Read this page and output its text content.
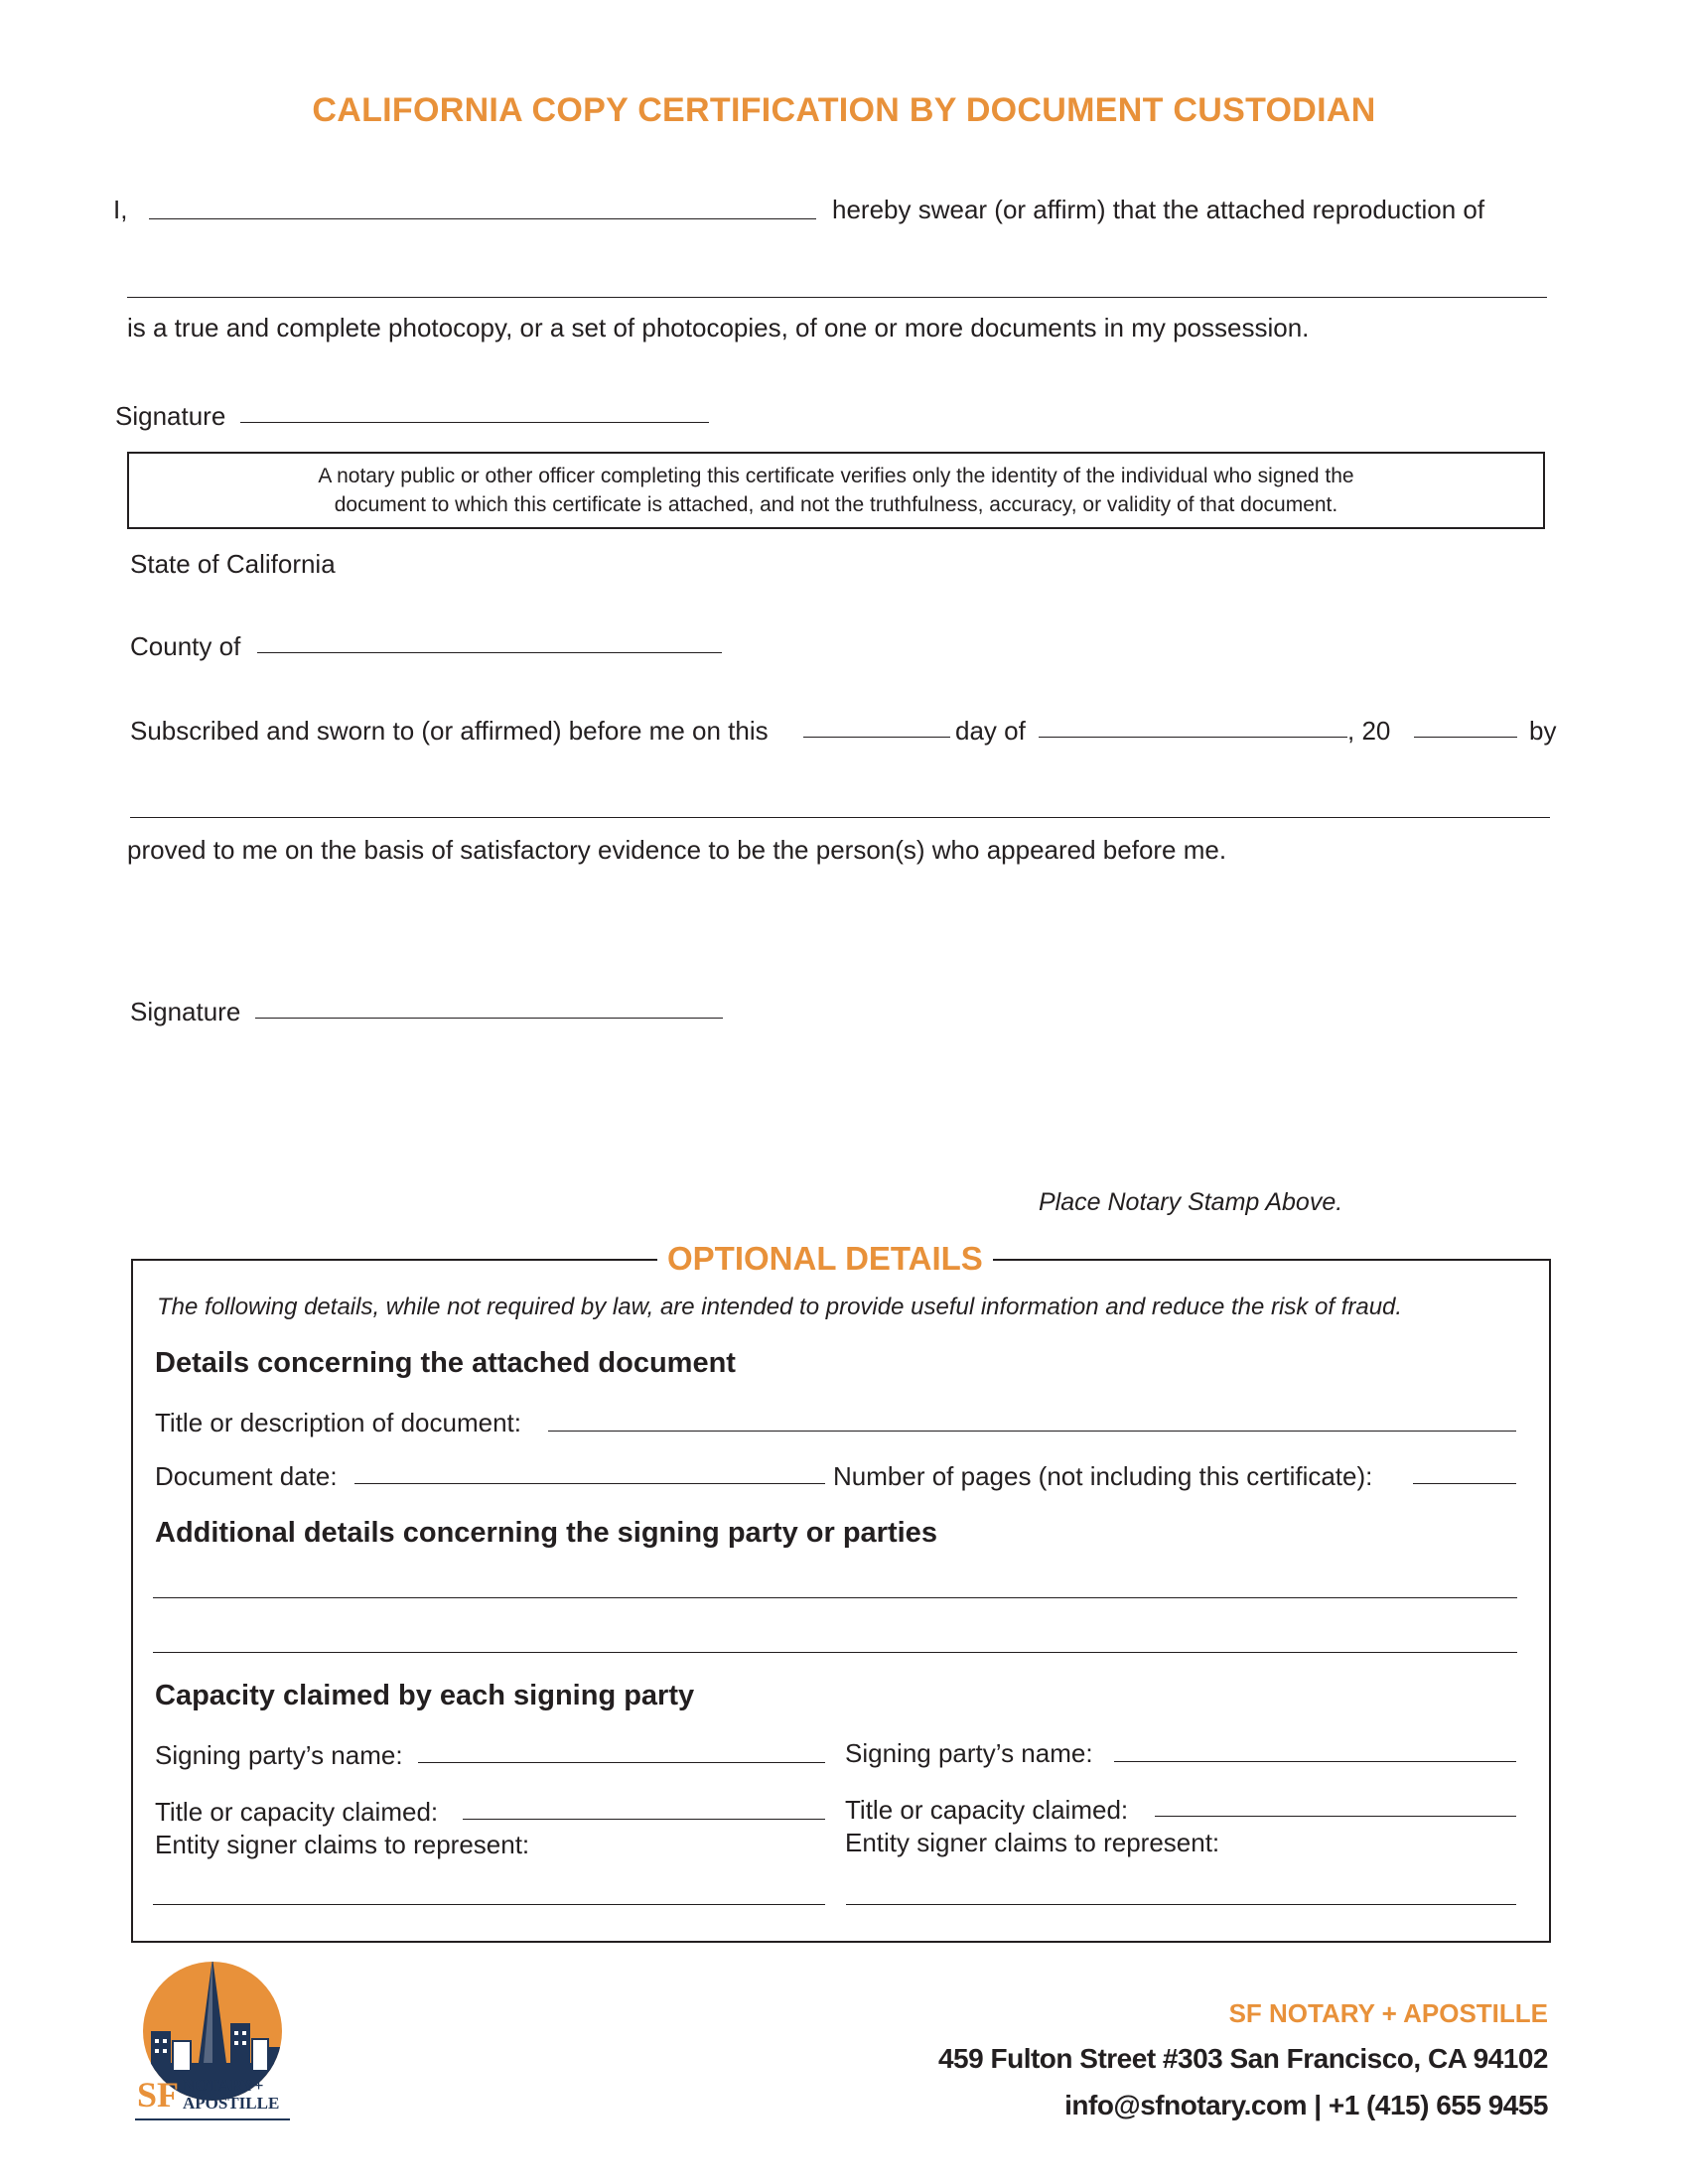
CALIFORNIA COPY CERTIFICATION BY DOCUMENT CUSTODIAN
I,	hereby swear (or affirm) that the attached reproduction of
is a true and complete photocopy, or a set of photocopies, of one or more documents in my possession.
Signature
A notary public or other officer completing this certificate verifies only the identity of the individual who signed the
document to which this certificate is attached, and not the truthfulness, accuracy, or validity of that document.
State of California
County of
Subscribed and sworn to (or affirmed) before me on this	day of	, 20	by
proved to me on the basis of satisfactory evidence to be the person(s) who appeared before me.
Signature
Place Notary Stamp Above.
OPTIONAL DETAILS
The following details, while not required by law, are intended to provide useful information and reduce the risk of fraud.
Details concerning the attached document
Title or description of document:
Document date:	Number of pages (not including this certificate):
Additional details concerning the signing party or parties
Capacity claimed by each signing party
Signing party’s name:
Title or capacity claimed:
Entity signer claims to represent:
Signing party’s name:
Title or capacity claimed:
Entity signer claims to represent:
SF NOTARY+
APOSTILLE
SF NOTARY + APOSTILLE
459 Fulton Street #303 San Francisco, CA 94102
info@sfnotary.com | +1 (415) 655 9455
